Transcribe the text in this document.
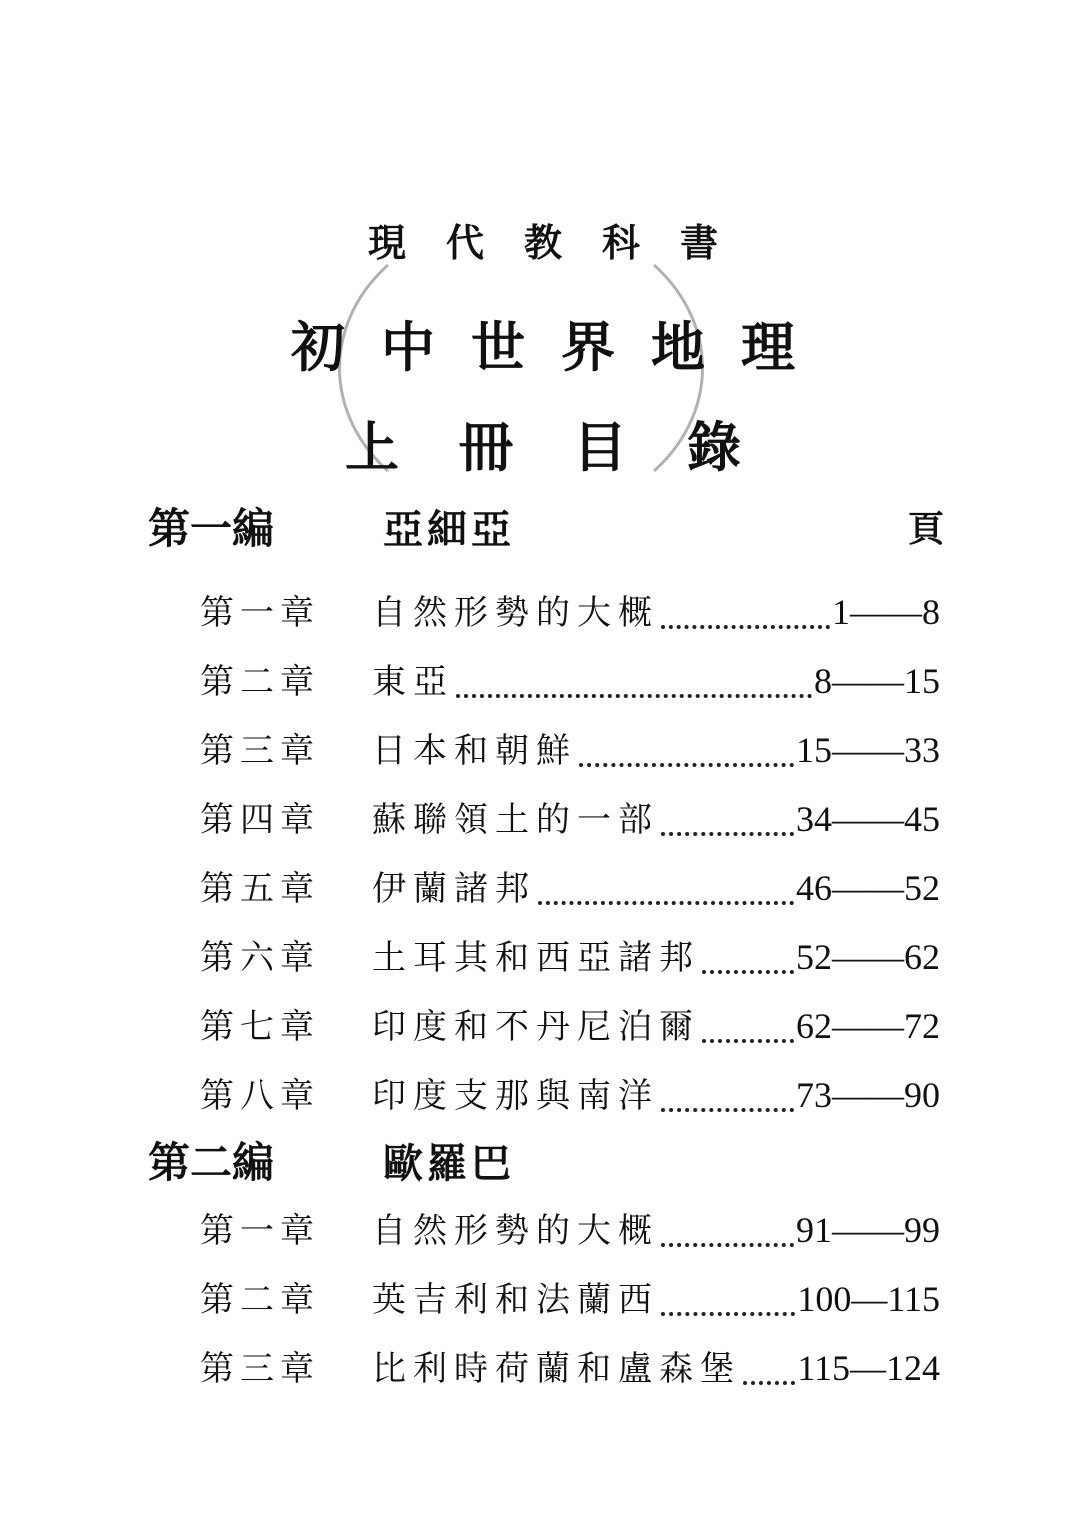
現代教科書
初中世界地理
上冊目錄
第一編	亞細亞	頁
第一章	自然形勢的大概	1——8
第二章	東亞	8——15
第三章	日本和朝鮮	15——33
第四章	蘇聯領土的一部	34——45
第五章	伊蘭諸邦	46——52
第六章	土耳其和西亞諸邦	52——62
第七章	印度和不丹尼泊爾	62——72
第八章	印度支那與南洋	73——90
第二編	歐羅巴
第一章	自然形勢的大概	91——99
第二章	英吉利和法蘭西	100—115
第三章	比利時荷蘭和盧森堡 115—124
